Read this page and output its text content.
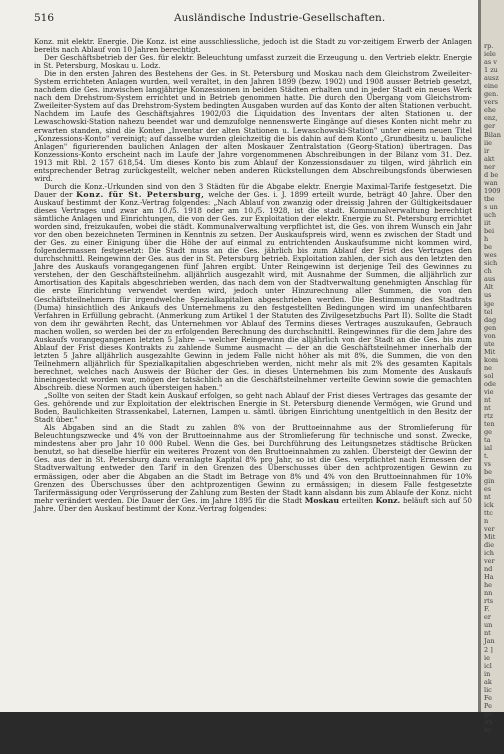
516	Ausländische Industrie-Gesellschaften.

Konz. mit elektr. Energie. Die Konz. ist eine ausschliessliche, jedoch ist die Stadt zu vor-zeitigem Erwerb der Anlagen bereits nach Ablauf von 10 Jahren berechtigt.

Der Geschäftsbetrieb der Ges. für elektr. Beleuchtung umfasst zurzeit die Erzeugung u. den Vertrieb elektr. Energie in St. Petersburg, Moskau u. Lodz.

Die in den ersten Jahren des Bestehens der Ges. in St. Petersburg und Moskau nach dem Gleichstrom Zweileiter-System errichteten Anlagen wurden, weil veraltet, in den Jahren 1899 (bezw. 1902) und 1908 ausser Betrieb gesetzt, nachdem die Ges. inzwischen langjährige Konzessionen in beiden Städten erhalten und in jeder Stadt ein neues Werk nach dem Drehstrom-System errichtet und in Betrieb genommen hatte. Die durch den Übergang vom Gleichstrom-Zweileiter-System auf das Drehstrom-System bedingten Ausgaben wurden auf das Konto der alten Stationen verbucht. Nachdem im Laufe des Geschäftsjahres 1902/03 die Liquidation des Inventars der alten Stationen u. der Lewaschowski-Station nahezu beendet war und demzufolge nennenswerte Eingänge auf dieses Konten nicht mehr zu erwarten standen, sind die Konten „Inventar der alten Stationen u. Lewaschowski-Station" unter einem neuen Titel „Konzessions-Konto" vereinigt; auf dasselbe wurden gleichzeitig die bis dahin auf dem Konto „Grundbesitz u. bauliche Anlagen" figurierenden baulichen Anlagen der alten Moskauer Zentralstation (Georg-Station) übertragen. Das Konzessions-Konto erscheint nach im Laufe der Jahre vorgenommenen Abschreibungen in der Bilanz vom 31. Dez. 1913 mit Rbl. 2 157 618,54. Um dieses Konto bis zum Ablauf der Konzessionsdauer zu tilgen, wird jährlich ein entsprechender Betrag zurückgestellt, welcher neben anderen Rückstellungen dem Abschreibungsfonds überwiesen wird.

Durch die Konz.-Urkunden sind von den 3 Städten für die Abgabe elektr. Energie Maximal-Tarife festgesetzt. Die Dauer der Konz. für St. Petersburg, welche der Ges. i. J. 1899 erteilt wurde, beträgt 40 Jahre. Über den Auskauf bestimmt der Konz.-Vertrag folgendes: „Nach Ablauf von zwanzig oder dreissig Jahren der Gültigkeitsdauer dieses Vertrages und zwar am 10./5. 1918 oder am 10./5. 1928, ist die stadt. Kommunalverwaltung berechtigt sämtliche Anlagen und Einrichtungen, die von der Ges. zur Exploitation der elektr. Energie zu St. Petersburg errichtet worden sind, freizukaufen, wobei die städt. Kommunalverwaltung verpflichtet ist, die Ges. von ihrem Wunsch ein Jahr vor den oben bezeichneten Terminen in Kenntnis zu setzen. Der Auskaufspreis wird, wenn es zwischen der Stadt und der Ges. zu einer Einigung über die Höhe der auf einmal zu entrichtenden Auskaufsumme nicht kommen wird, folgendermassen festgesetzt: Die Stadt muss an die Ges. jährlich bis zum Ablauf der Frist des Vertrages den durchschnittl. Reingewinn der Ges. aus der in St. Petersburg betrieb. Exploitation zahlen, der sich aus den letzten den Jahre des Auskaufs vorangegangenen fünf Jahren ergibt. Unter Reingewinn ist derjenige Teil des Gewinnes zu verstehen, der den Geschäftsteilnehm. alljährlich ausgezahlt wird, mit Ausnahme der Summen, die alljährlich zur Amortisation des Kapitals abgeschrieben werden, das nach dem von der Stadtverwaltung genehmigten Anschlag für die erste Einrichtung verwendet werden wird, jedoch unter Hinzurechnung aller Summen, die von den Geschäftsteilnehmern für irgendwelche Spezialkapitalien abgeschrieben werden. Die Bestimmung des Stadtrats (Duma) hinsichtlich des Ankaufs des Unternehmens zu den festgestellten Bedingungen wird im unanfechtbaren Verfahren in Erfüllung gebracht. (Anmerkung zum Artikel 1 der Statuten des Zivilgesetzbuchs Part II). Sollte die Stadt von dem ihr gewährten Recht, das Unternehmen vor Ablauf des Termins dieses Vertrages auszukaufen, Gebrauch machen wollen, so werden bei der zu erfolgenden Berechnung des durchschnittl. Reingewinnes für die dem Jahre des Auskaufs vorangegangenen letzten 5 Jahre — welcher Reingewinn die alljährlich von der Stadt an die Ges. bis zum Ablauf der Frist dieses Kontrakts zu zahlende Summe ausmacht — der an die Geschäftsteilnehmer innerhalb der letzten 5 Jahre alljährlich ausgezahlte Gewinn in jedem Falle nicht höher als mit 8%, die Summen, die von den Teilnehmern alljährlich für Spezialkapitalien abgeschrieben werden, nicht mehr als mit 2% des gesamten Kapitals berechnet, welches nach Ausweis der Bücher der Ges. in dieses Unternehmen bis zum Momente des Auskaufs hineingesteckt worden war, mögen der tatsächlich an die Geschäftsteilnehmer verteilte Gewinn sowie die gemachten Abschreib. diese Normen auch übersteigen haben."

„Sollte von seiten der Stadt kein Auskauf erfolgen, so geht nach Ablauf der Frist dieses Vertrages das gesamte der Ges. gehörende und zur Exploitation der elektrischen Energie in St. Petersburg dienende Vermögen, wie Grund und Boden, Baulichkeiten Strassenkabel, Laternen, Lampen u. sämtl. übrigen Einrichtung unentgeltlich in den Besitz der Stadt über."

Als Abgaben sind an die Stadt zu zahlen 8% von der Bruttoeinnahme aus der Stromlieferung für Beleuchtungszwecke und 4% von der Bruttoeinnahme aus der Stromlieferung für technische und sonst. Zwecke, mindestens aber pro Jahr 10 000 Rubel. Wenn die Ges. bei Durchführung des Leitungsnetzes städtische Brücken benutzt, so hat dieselbe hierfür ein weiteres Prozent von den Bruttoeinnahmen zu zahlen. Übersteigt der Gewinn der Ges. aus der in St. Petersburg dazu veranlagte Kapital 8% pro Jahr, so ist die Ges. verpflichtet nach Ermessen der Stadtverwaltung entweder den Tarif in den Grenzen des Überschusses über den achtprozentigen Gewinn zu ermässigen, oder aber die Abgaben an die Stadt im Betrage von 8% und 4% von den Bruttoeinnahmen für 10% Grenzen des Überschusses über den achtprozentigen Gewinn zu ermässigen; in diesem Falle festgesetzte Tarifermässigung oder Vergrösserung der Zahlung zum Besten der Stadt kann alsdann bis zum Ablaufe der Konz. nicht mehr verändert werden. Die Dauer der Ges. im Jahre 1895 für die Stadt Moskau erteilten Konz. beläuft sich auf 50 Jahre. Über den Auskauf bestimmt der Konz.-Vertrag folgendes:

rp.
iele
as v
1 zu
ausz
eine
gen.
vers
ehe
enz,
ger
Bilan
iie
ir
akt
ner
d be
wan
1909
tbe
s un
uch
iit
bei
h
be
wes
sich
ch
aus
Alt
us
ige
tel
dag
gen
von
ute
Mit
kom
ne
sol
ode
vie
nt
nt
rtz
ten
ge
ta
ial
t.
vs
be
gin
es
nt
ick
ttc
n
ver
Mit
die
ich
ver
nd
Ha
he
nn
rts
F.
er
un
nt
Jan
2 ]
ie
icl
in
ak
lic
Fe
Pe
ge
irs
hr
